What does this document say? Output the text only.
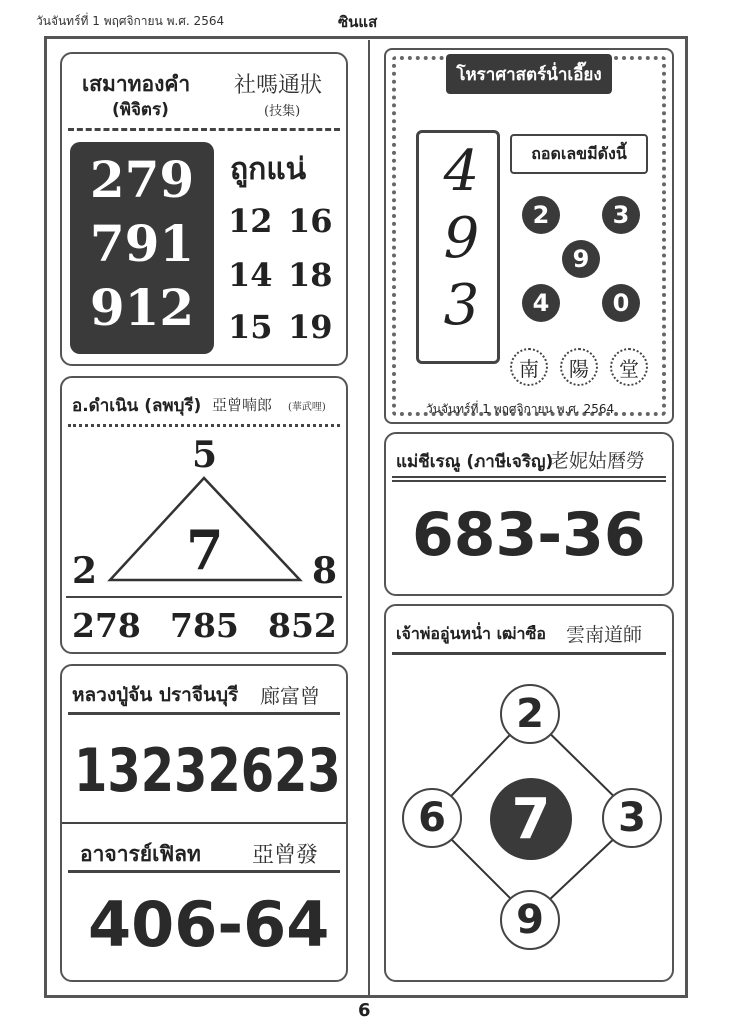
วันจันทร์ที่ 1 พฤศจิกายน พ.ศ. 2564	ซินแส
เสมาทองคำ
(พิจิตร)
社嗎通狀
(技集)
279
791
912
ถูกแน่
12 16
14 18
15 19
อ.ดำเนิน (ลพบุรี) 亞曾喃郎 (華武哩)
5
7
2	8
278 785 852
หลวงปู่จัน ปราจีนบุรี 廊富曾
132 326 23
อาจารย์เฟิลท 亞曾發
406-64
โหราศาสตร์น่ำเอี๊ยง
493 ถอดเลขมีดังนี้
2	3
9
4	0
南	陽	堂
วันจันทร์ที่ 1 พฤศจิกายน พ.ศ. 2564
แม่ชีเรณู (ภาษีเจริญ)
老妮姑曆勞
683-36
เจ้าพ่ออู่นหน่ำ เฒ่าซือ 雲南道師
2
6	7	3
9
6
